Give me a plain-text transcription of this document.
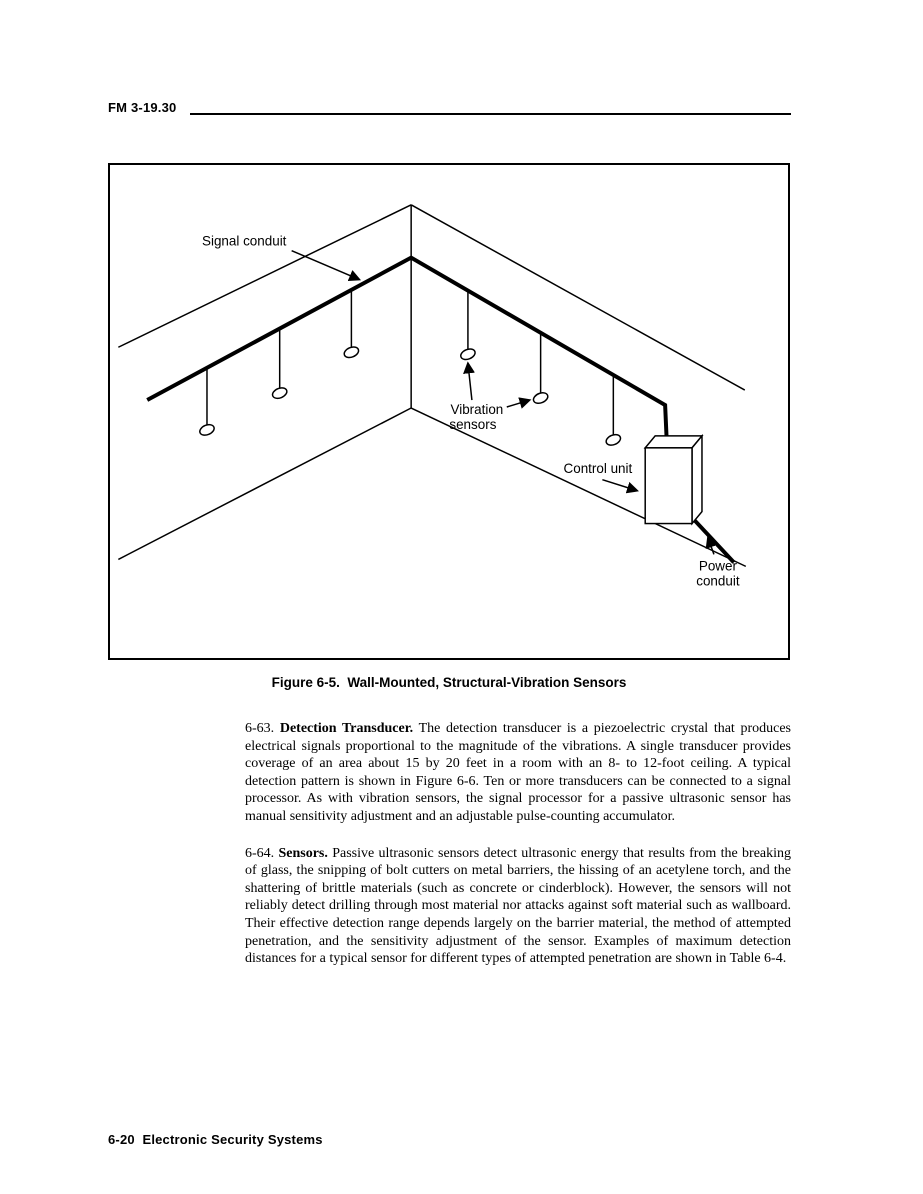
FM 3-19.30
Signal conduit
Vibration
sensors
Control unit
Power
conduit
Figure 6-5.  Wall-Mounted, Structural-Vibration Sensors

6-63. Detection Transducer. The detection transducer is a piezoelectric crystal that produces electrical signals proportional to the magnitude of the vibrations. A single transducer provides coverage of an area about 15 by 20 feet in a room with an 8- to 12-foot ceiling. A typical detection pattern is shown in Figure 6-6. Ten or more transducers can be connected to a signal processor. As with vibration sensors, the signal processor for a passive ultrasonic sensor has manual sensitivity adjustment and an adjustable pulse-counting accumulator.

6-64. Sensors. Passive ultrasonic sensors detect ultrasonic energy that results from the breaking of glass, the snipping of bolt cutters on metal barriers, the hissing of an acetylene torch, and the shattering of brittle materials (such as concrete or cinderblock). However, the sensors will not reliably detect drilling through most material nor attacks against soft material such as wallboard. Their effective detection range depends largely on the barrier material, the method of attempted penetration, and the sensitivity adjustment of the sensor. Examples of maximum detection distances for a typical sensor for different types of attempted penetration are shown in Table 6-4.

6-20  Electronic Security Systems
